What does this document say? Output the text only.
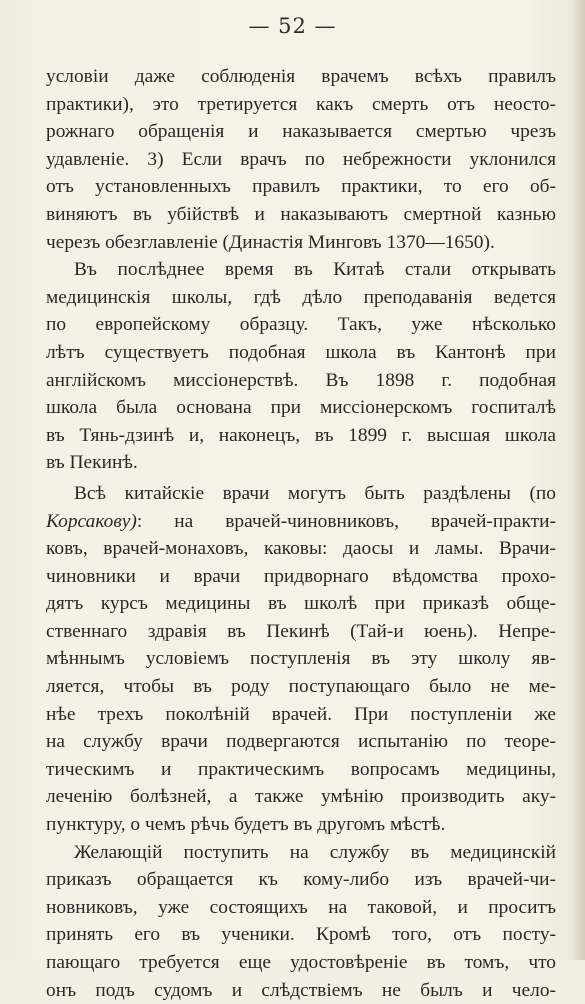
— 52 —
условіи даже соблюденія врачемъ всѣхъ правилъ
практики), это третируется какъ смерть отъ неосто-
рожнаго обращенія и наказывается смертью чрезъ
удавленіе. 3) Если врачъ по небрежности уклонился
отъ установленныхъ правилъ практики, то его об-
виняютъ въ убійствѣ и наказываютъ смертной казнью
черезъ обезглавленіе (Династія Минговъ 1370—1650).
Въ послѣднее время въ Китаѣ стали открывать
медицинскія школы, гдѣ дѣло преподаванія ведется
по европейскому образцу. Такъ, уже нѣсколько
лѣтъ существуетъ подобная школа въ Кантонѣ при
англійскомъ миссіонерствѣ. Въ 1898 г. подобная
школа была основана при миссіонерскомъ госпиталѣ
въ Тянь-дзинѣ и, наконецъ, въ 1899 г. высшая школа
въ Пекинѣ.
Всѣ китайскіе врачи могутъ быть раздѣлены (по
Корсакову): на врачей-чиновниковъ, врачей-практи-
ковъ, врачей-монаховъ, каковы: даосы и ламы. Врачи-
чиновники и врачи придворнаго вѣдомства прохо-
дятъ курсъ медицины въ школѣ при приказѣ обще-
ственнаго здравія въ Пекинѣ (Тай-и юень). Непре-
мѣннымъ условіемъ поступленія въ эту школу яв-
ляется, чтобы въ роду поступающаго было не ме-
нѣе трехъ поколѣній врачей. При поступленіи же
на службу врачи подвергаются испытанію по теоре-
тическимъ и практическимъ вопросамъ медицины,
леченію болѣзней, а также умѣнію производить аку-
пунктуру, о чемъ рѣчь будетъ въ другомъ мѣстѣ.
Желающій поступить на службу въ медицинскій
приказъ обращается къ кому-либо изъ врачей-чи-
новниковъ, уже состоящихъ на таковой, и проситъ
принять его въ ученики. Кромѣ того, отъ посту-
пающаго требуется еще удостовѣреніе въ томъ, что
онъ подъ судомъ и слѣдствіемъ не былъ и чело-
